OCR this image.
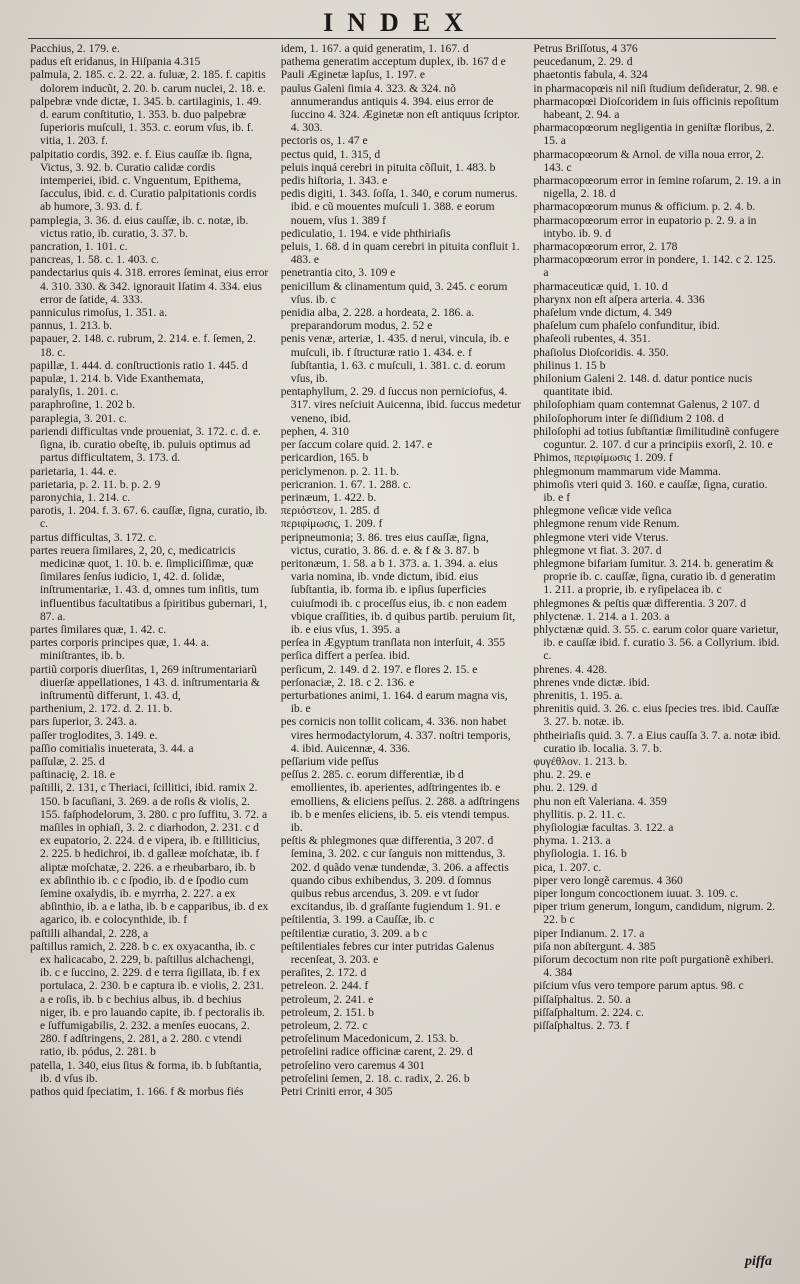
INDEX

Pacchius, 2. 179. e.

padus eſt eridanus, in Hiſpania 4.315

palmula, 2. 185. c. 2. 22. a. fuluæ, 2. 185. f. capitis dolorem inducũt, 2. 20. b. carum nuclei, 2. 18. e.

palpebræ vnde dictæ, 1. 345. b. cartilaginis, 1. 49. d. earum conſtitutio, 1. 353. b. duo palpebræ ſuperioris muſculi, 1. 353. c. eorum vſus, ib. f. vitia, 1. 203. f.

palpitatio cordis, 392. e. f. Eius cauſſæ ib. ſigna, Victus, 3. 92. b. Curatio calidæ cordis intemperiei, ibid. c. Vnguentum, Epithema, ſacculus, ibid. c. d. Curatio palpitationis cordis ab humore, 3. 93. d. f.

pamplegia, 3. 36. d. eius cauſſæ, ib. c. notæ, ib. victus ratio, ib. curatio, 3. 37. b.

pancration, 1. 101. c.

pancreas, 1. 58. c. 1. 403. c.

pandectarius quis 4. 318. errores ſeminat, eius error 4. 310. 330. & 342. ignorauit Iſatim 4. 334. eius error de ſatide, 4. 333.

panniculus rimoſus, 1. 351. a.

pannus, 1. 213. b.

papauer, 2. 148. c. rubrum, 2. 214. e. f. ſemen, 2. 18. c.

papillæ, 1. 444. d. conſtructionis ratio 1. 445. d

papulæ, 1. 214. b. Vide Exanthemata,

paralyſis, 1. 201. c.

paraphroſine, 1. 202 b.

paraplegia, 3. 201. c.

pariendi difficultas vnde proueniat, 3. 172. c. d. e. ſigna, ib. curatio obeſtę, ib. puluis optimus ad partus difficultatem, 3. 173. d.

parietaria, 1. 44. e.

parietaria, p. 2. 11. b. p. 2. 9

paronychia, 1. 214. c.

parotis, 1. 204. f. 3. 67. 6. cauſſæ, ſigna, curatio, ib. c.

partus difficultas, 3. 172. c.

partes reuera ſimilares, 2, 20, c, medicatricis medicinæ quot, 1. 10. b. e. ſimpliciſſimæ, quæ ſimilares ſenſus iudicio, 1, 42. d. ſolidæ, inſtrumentariæ, 1. 43. d, omnes tum inſitis, tum influentibus facultatibus a ſpiritibus gubernari, 1, 87. a.

partes ſimilares quæ, 1. 42. c.

partes corporis principes quæ, 1. 44. a. miniſtrantes, ib. b.

partiũ corporis diuerſitas, 1, 269 inſtrumentariarũ diuerſæ appellationes, 1 43. d. inſtrumentaria & inſtrumentũ differunt, 1. 43. d,

parthenium, 2. 172. d. 2. 11. b.

pars ſuperior, 3. 243. a.

paſſer troglodites, 3. 149. e.

paſſio comitialis inueterata, 3. 44. a

paſſulæ, 2. 25. d

paſtinacię, 2. 18. e

paſtilli, 2. 131, c Theriaci, ſcillitici, ibid. ramix 2. 150. b ſacuſiani, 3. 269. a de roſis & violis, 2. 155. faſphodelorum, 3. 280. c pro ſuffitu, 3. 72. a maſiles in ophiaſi, 3. 2. c diarhodon, 2. 231. c d ex eupatorio, 2. 224. d e vipera, ib. e ſtilliticius, 2. 225. b hedichroi, ib. d galleæ moſchatæ, ib. f aliptæ moſchatæ, 2. 226. a e rheubarbaro, ib. b ex abſinthio ib. c c ſpodio, ib. d e ſpodio cum ſemine oxalydis, ib. e myrrha, 2. 227. a ex abſinthio, ib. a e latha, ib. b e capparibus, ib. d ex agarico, ib. e colocynthide, ib. f

paſtilli alhandal, 2. 228, a

paſtillus ramich, 2. 228. b c. ex oxyacantha, ib. c ex halicacabo, 2. 229, b. paſtillus alchachengi, ib. c e ſuccino, 2. 229. d e terra ſigillata, ib. f ex portulaca, 2. 230. b e captura ib. e violis, 2. 231. a e roſis, ib. b c bechius albus, ib. d bechius niger, ib. e pro lauando capite, ib. f pectoralis ib. e ſuffumigabilis, 2. 232. a menſes euocans, 2. 280. f adſtringens, 2. 281, a 2. 280. c vtendi ratio, ib. pódus, 2. 281. b

patella, 1. 340, eius ſitus & forma, ib. b ſubſtantia, ib. d vſus ib.

pathos quid ſpeciatim, 1. 166. f & morbus fiés

idem, 1. 167. a quid generatim, 1. 167. d

pathema generatim acceptum duplex, ib. 167 d e

Pauli Æginetæ lapſus, 1. 197. e

paulus Galeni ſimia 4. 323. & 324. nõ annumerandus antiquis 4. 394. eius error de ſuccino 4. 324. Æginetæ non eſt antiquus ſcriptor. 4. 303.

pectoris os, 1. 47 e

pectus quid, 1. 315, d

peluis inquá cerebri in pituita cõſluit, 1. 483. b

pedis hiſtoria, 1. 343. e

pedis digiti, 1. 343. ſoſſa, 1. 340, e corum numerus. ibid. e cũ mouentes muſculi 1. 388. e eorum nouem, vſus 1. 389 f

pediculatio, 1. 194. e vide phthiriaſis

peluis, 1. 68. d in quam cerebri in pituita confluit 1. 483. e

penetrantia cito, 3. 109 e

penicillum & clinamentum quid, 3. 245. c eorum vſus. ib. c

penidia alba, 2. 228. a hordeata, 2. 186. a. preparandorum modus, 2. 52 e

penis venæ, arteriæ, 1. 435. d nerui, vincula, ib. e muſculi, ib. f ſtructuræ ratio 1. 434. e. f ſubſtantia, 1. 63. c muſculi, 1. 381. c. d. eorum vſus, ib.

pentaphyllum, 2. 29. d ſuccus non perniciofus, 4. 317. vires neſciuit Auicenna, ibid. ſuccus medetur veneno, ibid.

pephen, 4. 310

per ſaccum colare quid. 2. 147. e

pericardion, 165. b

periclymenon. p. 2. 11. b.

pericranion. 1. 67. 1. 288. c.

perinæum, 1. 422. b.

περιόστεον, 1. 285. d

περιφίμωσις, 1. 209. f

peripneumonia; 3. 86. tres eius cauſſæ, ſigna, victus, curatio, 3. 86. d. e. & f & 3. 87. b

peritonæum, 1. 58. a b 1. 373. a. 1. 394. a. eius varia nomina, ib. vnde dictum, ibid. eius ſubſtantia, ib. forma ib. e ipſius ſuperficies cuiuſmodi ib. c proceſſus eius, ib. c non eadem vbique craſſities, ib. d quibus partib. peruium ſit, ib. e eius vſus, 1. 395. a

perſea in Ægyptum tranſlata non interſuit, 4. 355

perſica differt a perſea. ibid.

perſicum, 2. 149. d 2. 197. e flores 2. 15. e

perſonaciæ, 2. 18. c 2. 136. e

perturbationes animi, 1. 164. d earum magna vis, ib. e

pes cornicis non tollit colicam, 4. 336. non habet vires hermodactylorum, 4. 337. noſtri temporis, 4. ibid. Auicennæ, 4. 336.

peſſarium vide peſſus

peſſus 2. 285. c. eorum differentiæ, ib d emollientes, ib. aperientes, adſtringentes ib. e emolliens, & eliciens peſſus. 2. 288. a adſtringens ib. b e menſes eliciens, ib. 5. eis vtendi tempus. ib.

peſtis & phlegmones quæ differentia, 3 207. d ſemina, 3. 202. c cur ſanguis non mittendus, 3. 202. d quãdo venæ tundendæ, 3. 206. a affectis quando cibus exhibendus, 3. 209. d ſomnus quibus rebus arcendus, 3. 209. e vt ſudor excitandus, ib. d graſſante fugiendum 1. 91. e

peſtilentia, 3. 199. a Cauſſæ, ib. c

peſtilentiæ curatio, 3. 209. a b c

peſtilentiales febres cur inter putridas Galenus recenſeat, 3. 203. e

peraſites, 2. 172. d

petreleon. 2. 244. f

petroleum, 2. 241. e

petroleum, 2. 151. b

petroleum, 2. 72. c

petroſelinum Macedonicum, 2. 153. b.

petroſelini radice officinæ carent, 2. 29. d

petroſelino vero caremus 4 301

petroſelini ſemen, 2. 18. c. radix, 2. 26. b

Petri Criniti error, 4 305

Petrus Briſſotus, 4 376

peucedanum, 2. 29. d

phaetontis fabula, 4. 324

in pharmacopœis nil niſi ſtudium deſideratur, 2. 98. e

pharmacopœi Dioſcoridem in ſuis officinis repoſitum habeant, 2. 94. a

pharmacopœorum negligentia in geniſtæ floribus, 2. 15. a

pharmacopœorum & Arnol. de villa noua error, 2. 143. c

pharmacopœorum error in ſemine roſarum, 2. 19. a in nigella, 2. 18. d

pharmacopœorum munus & officium. p. 2. 4. b.

pharmacopœorum error in eupatorio p. 2. 9. a in intybo. ib. 9. d

pharmacopœorum error, 2. 178

pharmacopœorum error in pondere, 1. 142. c 2. 125. a

pharmaceuticæ quid, 1. 10. d

pharynx non eſt aſpera arteria. 4. 336

phaſelum vnde dictum, 4. 349

phaſelum cum phaſelo confunditur, ibid.

phaſeoli rubentes, 4. 351.

phaſiolus Dioſcoridis. 4. 350.

philinus 1. 15 b

philonium Galeni 2. 148. d. datur pontice nucis quantitate ibid.

philoſophiam quam contemnat Galenus, 2 107. d

philoſophorum inter ſe diſſidium 2 108. d

philoſophi ad totius ſubſtantiæ ſimilitudinẽ confugere coguntur. 2. 107. d cur a principiis exorſi, 2. 10. e

Phimos, περιφίμωσις 1. 209. f

phlegmonum mammarum vide Mamma.

phimoſis vteri quid 3. 160. e cauſſæ, ſigna, curatio. ib. e f

phlegmone veſicæ vide veſica

phlegmone renum vide Renum.

phlegmone vteri vide Vterus.

phlegmone vt fiat. 3. 207. d

phlegmone bifariam ſumitur. 3. 214. b. generatim & proprie ib. c. cauſſæ, ſigna, curatio ib. d generatim 1. 211. a proprie, ib. e ryſipelacea ib. c

phlegmones & peſtis quæ differentia. 3 207. d

phlyctenæ. 1. 214. a 1. 203. a

phlyctænæ quid. 3. 55. c. earum color quare varietur, ib. e cauſſæ ibid. f. curatio 3. 56. a Collyrium. ibid. c.

phrenes. 4. 428.

phrenes vnde dictæ. ibid.

phrenitis, 1. 195. a.

phrenitis quid. 3. 26. c. eius ſpecies tres. ibid. Cauſſæ 3. 27. b. notæ. ib.

phtheiriaſis quid. 3. 7. a Eius cauſſa 3. 7. a. notæ ibid. curatio ib. localia. 3. 7. b.

φυγέθλον. 1. 213. b.

phu. 2. 29. e

phu. 2. 129. d

phu non eſt Valeriana. 4. 359

phyllitis. p. 2. 11. c.

phyſiologiæ facultas. 3. 122. a

phyma. 1. 213. a

phyſiologia. 1. 16. b

pica, 1. 207. c.

piper vero longẽ caremus. 4 360

piper longum concoctionem iuuat. 3. 109. c.

piper trium generum, longum, candidum, nigrum. 2. 22. b c

piper Indianum. 2. 17. a

piſa non abſtergunt. 4. 385

piſorum decoctum non rite poſt purgationẽ exhiberi. 4. 384

piſcium vſus vero tempore parum aptus. 98. c

piſſaſphaltus. 2. 50. a

piſſaſphaltum. 2. 224. c.

piſſaſphaltus. 2. 73. f

piffa
